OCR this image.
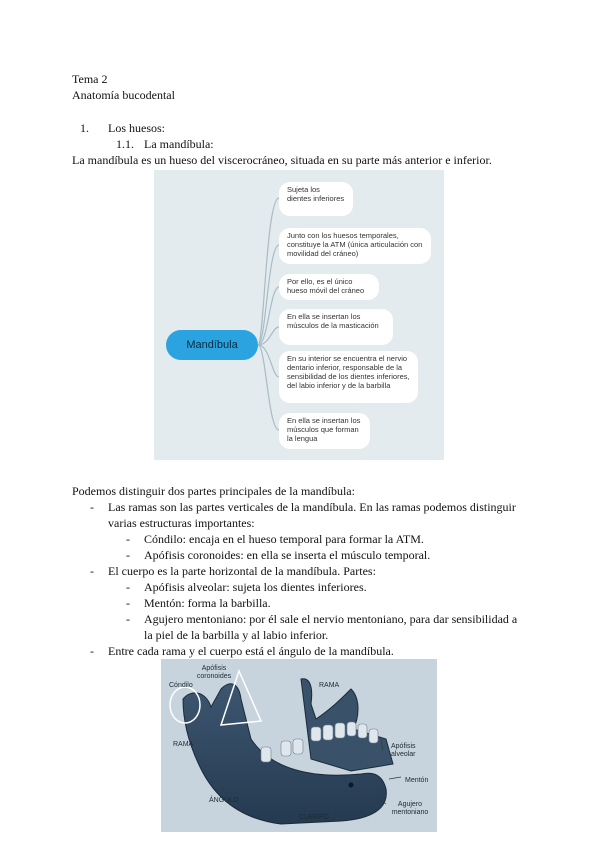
Tema 2
Anatomía bucodental
1. Los huesos:
1.1. La mandíbula:
La mandíbula es un hueso del viscerocráneo, situada en su parte más anterior e inferior.
Mandíbula
Sujeta los dientes inferiores
Junto con los huesos temporales, constituye la ATM (única articulación con movilidad del cráneo)
Por ello, es el único hueso móvil del cráneo
En ella se insertan los músculos de la masticación
En su interior se encuentra el nervio dentario inferior, responsable de la sensibilidad de los dientes inferiores, del labio inferior y de la barbilla
En ella se insertan los músculos que forman la lengua
Podemos distinguir dos partes principales de la mandíbula:
- Las ramas son las partes verticales de la mandíbula. En las ramas podemos distinguir
varias estructuras importantes:
- Cóndilo: encaja en el hueso temporal para formar la ATM.
- Apófisis coronoides: en ella se inserta el músculo temporal.
- El cuerpo es la parte horizontal de la mandíbula. Partes:
- Apófisis alveolar: sujeta los dientes inferiores.
- Mentón: forma la barbilla.
- Agujero mentoniano: por él sale el nervio mentoniano, para dar sensibilidad a
la piel de la barbilla y al labio inferior.
- Entre cada rama y el cuerpo está el ángulo de la mandíbula.
Apófisis coronoides
Cóndilo	RAMA
RAMA	Apófisis alveolar
Mentón
ÁNGULO
Agujero mentoniano
CUERPO
